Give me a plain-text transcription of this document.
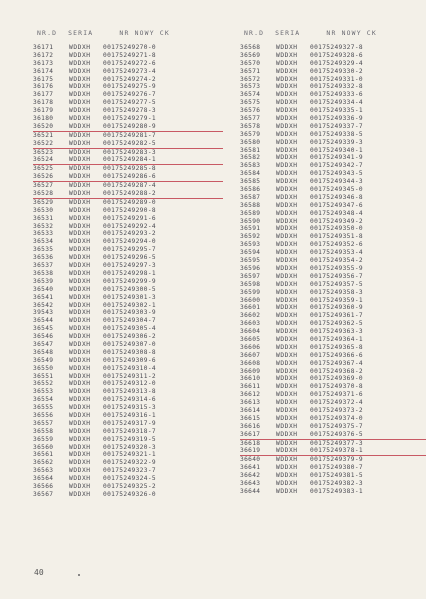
NR.D	SERIA	NR NOWY CK
36171	WDDXH	00175249270-0
36172	WDDXH	00175249271-8
36173	WDDXH	00175249272-6
36174	WDDXH	00175249273-4
36175	WDDXH	00175249274-2
36176	WDDXH	00175249275-9
36177	WDDXH	00175249276-7
36178	WDDXH	00175249277-5
36179	WDDXH	00175249278-3
36180	WDDXH	00175249279-1
36520	WDDXH	00175249280-9
36521	WDDXH	00175249281-7
36522	WDDXH	00175249282-5
36523	WDDXH	00175249283-3
36524	WDDXH	00175249284-1
36525	WDDXH	00175249285-8
36526	WDDXH	00175249286-6
36527	WDDXH	00175249287-4
36528	WDDXH	00175249288-2
36529	WDDXH	00175249289-0
36530	WDDXH	00175249290-8
36531	WDDXH	00175249291-6
36532	WDDXH	00175249292-4
36533	WDDXH	00175249293-2
36534	WDDXH	00175249294-0
36535	WDDXH	00175249295-7
36536	WDDXH	00175249296-5
36537	WDDXH	00175249297-3
36538	WDDXH	00175249298-1
36539	WDDXH	00175249299-9
36540	WDDXH	00175249300-5
36541	WDDXH	00175249301-3
36542	WDDXH	00175249302-1
39543	WDDXH	00175249303-9
36544	WDDXH	00175249304-7
36545	WDDXH	00175249305-4
36546	WDDXH	00175249306-2
36547	WDDXH	00175249307-0
36548	WDDXH	00175249308-8
36549	WDDXH	00175249309-6
36550	WDDXH	00175249310-4
36551	WDDXH	00175249311-2
36552	WDDXH	00175249312-0
36553	WDDXH	00175249313-8
36554	WDDXH	00175249314-6
36555	WDDXH	00175249315-3
36556	WDDXH	00175249316-1
36557	WDDXH	00175249317-9
36558	WDDXH	00175249318-7
36559	WDDXH	00175249319-5
36560	WDDXH	00175249320-3
36561	WDDXH	00175249321-1
36562	WDDXH	00175249322-9
36563	WDDXH	00175249323-7
36564	WDDXH	00175249324-5
36566	WDDXH	00175249325-2
36567	WDDXH	00175249326-0
NR.D	SERIA	NR NOWY CK
36568	WDDXH	00175249327-8
36569	WDDXH	00175249328-6
36570	WDDXH	00175249329-4
36571	WDDXH	00175249330-2
36572	WDDXH	00175249331-0
36573	WDDXH	00175249332-8
36574	WDDXH	00175249333-6
36575	WDDXH	00175249334-4
36576	WDDXH	00175249335-1
36577	WDDXH	00175249336-9
36578	WDDXH	00175249337-7
36579	WDDXH	00175249338-5
36580	WDDXH	00175249339-3
36581	WDDXH	00175249340-1
36582	WDDXH	00175249341-9
36583	WDDXH	00175249342-7
36584	WDDXH	00175249343-5
36585	WDDXH	00175249344-3
36586	WDDXH	00175249345-0
36587	WDDXH	00175249346-8
36588	WDDXH	00175249347-6
36589	WDDXH	00175249348-4
36590	WDDXH	00175249349-2
36591	WDDXH	00175249350-0
36592	WDDXH	00175249351-8
36593	WDDXH	00175249352-6
36594	WDDXH	00175249353-4
36595	WDDXH	00175249354-2
36596	WDDXH	00175249355-9
36597	WDDXH	00175249356-7
36598	WDDXH	00175249357-5
36599	WDDXH	00175249358-3
36600	WDDXH	00175249359-1
36601	WDDXH	00175249360-9
36602	WDDXH	00175249361-7
36603	WDDXH	00175249362-5
36604	WDDXH	00175249363-3
36605	WDDXH	00175249364-1
36606	WDDXH	00175249365-8
36607	WDDXH	00175249366-6
36608	WDDXH	00175249367-4
36609	WDDXH	00175249368-2
36610	WDDXH	00175249369-0
36611	WDDXH	00175249370-8
36612	WDDXH	00175249371-6
36613	WDDXH	00175249372-4
36614	WDDXH	00175249373-2
36615	WDDXH	00175249374-0
36616	WDDXH	00175249375-7
36617	WDDXH	00175249376-5
36618	WDDXH	00175249377-3
36619	WDDXH	00175249378-1
36640	WDDXH	00175249379-9
36641	WDDXH	00175249380-7
36642	WDDXH	00175249381-5
36643	WDDXH	00175249382-3
36644	WDDXH	00175249383-1
40
